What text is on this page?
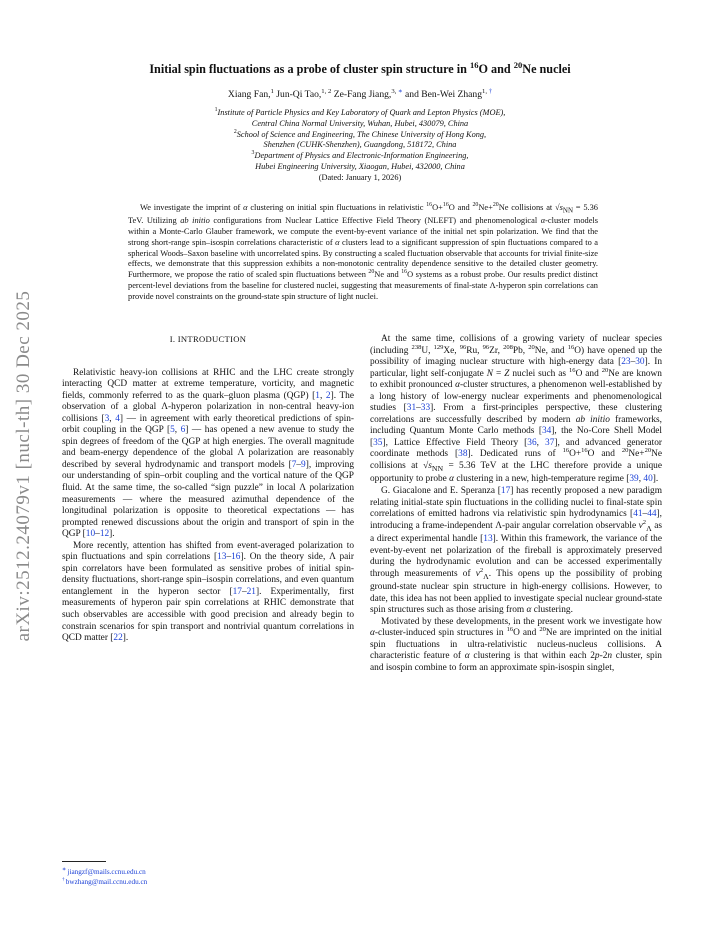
arXiv:2512.24079v1 [nucl-th] 30 Dec 2025
Initial spin fluctuations as a probe of cluster spin structure in $^{16}$O and $^{20}$Ne nuclei
Xiang Fan,$^1$ Jun-Qi Tao,$^{1, 2}$ Ze-Fang Jiang,$^{3, ∗}$ and Ben-Wei Zhang$^{1, \dagger}$
$^1$Institute of Particle Physics and Key Laboratory of Quark and Lepton Physics (MOE),
Central China Normal University, Wuhan, Hubei, 430079, China
$^2$School of Science and Engineering, The Chinese University of Hong Kong,
Shenzhen (CUHK-Shenzhen), Guangdong, 518172, China
$^3$Department of Physics and Electronic-Information Engineering,
Hubei Engineering University, Xiaogan, Hubei, 432000, China
(Dated: January 1, 2026)

We investigate the imprint of α clustering on initial spin fluctuations in relativistic $^{16}$O+$^{16}$O and $^{20}$Ne+$^{20}$Ne collisions at $√s_{NN} = 5.36$ TeV. Utilizing ab initio configurations from Nuclear Lattice Effective Field Theory (NLEFT) and phenomenological α-cluster models within a Monte-Carlo Glauber framework, we compute the event-by-event variance of the initial net spin polarization. We find that the strong short-range spin–isospin correlations characteristic of α clusters lead to a significant suppression of spin fluctuations compared to a spherical Woods–Saxon baseline with uncorrelated spins. By constructing a scaled fluctuation observable that accounts for trivial finite-size effects, we demonstrate that this suppression exhibits a non-monotonic centrality dependence sensitive to the detailed cluster geometry. Furthermore, we propose the ratio of scaled spin fluctuations between $^{20}$Ne and $^{16}$O systems as a robust probe. Our results predict distinct percent-level deviations from the baseline for clustered nuclei, suggesting that measurements of final-state Λ-hyperon spin correlations can provide novel constraints on the ground-state spin structure of light nuclei.

I. INTRODUCTION

Relativistic heavy-ion collisions at RHIC and the LHC create strongly interacting QCD matter at extreme temperature, vorticity, and magnetic fields, commonly referred to as the quark–gluon plasma (QGP) [1, 2]. The observation of a global Λ-hyperon polarization in non-central heavy-ion collisions [3, 4] — in agreement with early theoretical predictions of spin-orbit coupling in the QGP [5, 6] — has opened a new avenue to study the spin degrees of freedom of the QGP at high energies. The overall magnitude and beam-energy dependence of the global Λ polarization are reasonably described by several hydrodynamic and transport models [7–9], improving our understanding of spin–orbit coupling and the vortical nature of the QGP fluid. At the same time, the so-called “sign puzzle” in local Λ polarization measurements — where the measured azimuthal dependence of the longitudinal polarization is opposite to theoretical expectations — has prompted renewed discussions about the origin and transport of spin in the QGP [10–12].

More recently, attention has shifted from event-averaged polarization to spin fluctuations and spin correlations [13–16]. On the theory side, Λ pair spin correlators have been formulated as sensitive probes of initial spin-density fluctuations, short-range spin–isospin correlations, and even quantum entanglement in the hyperon sector [17–21]. Experimentally, first measurements of hyperon pair spin correlations at RHIC demonstrate that such observables are accessible with good precision and already begin to constrain scenarios for spin transport and nontrivial quantum correlations in QCD matter [22].

At the same time, collisions of a growing variety of nuclear species (including $^{238}$U, $^{129}$Xe, $^{96}$Ru, $^{96}$Zr, $^{208}$Pb, $^{20}$Ne, and $^{16}$O) have opened up the possibility of imaging nuclear structure with high-energy data [23–30]. In particular, light self-conjugate N = Z nuclei such as $^{16}$O and $^{20}$Ne are known to exhibit pronounced α-cluster structures, a phenomenon well-established by a long history of low-energy nuclear experiments and phenomenological studies [31–33]. From a first-principles perspective, these clustering correlations are successfully described by modern ab initio frameworks, including Quantum Monte Carlo methods [34], the No-Core Shell Model [35], Lattice Effective Field Theory [36, 37], and advanced generator coordinate methods [38]. Dedicated runs of $^{16}$O+$^{16}$O and $^{20}$Ne+$^{20}$Ne collisions at $√s_{NN} = 5.36$ TeV at the LHC therefore provide a unique opportunity to probe α clustering in a new, high-temperature regime [39, 40].

G. Giacalone and E. Speranza [17] has recently proposed a new paradigm relating initial-state spin fluctuations in the colliding nuclei to final-state spin correlations of emitted hadrons via relativistic spin hydrodynamics [41–44], introducing a frame-independent Λ-pair angular correlation observable $v^2_\Lambda$ as a direct experimental handle [13]. Within this framework, the variance of the event-by-event net polarization of the fireball is approximately preserved during the hydrodynamic evolution and can be accessed experimentally through measurements of $v^2_\Lambda$. This opens up the possibility of probing ground-state nuclear spin structure in high-energy collisions. However, to date, this idea has not been applied to investigate special nuclear ground-state spin structures such as those arising from α clustering.

Motivated by these developments, in the present work we investigate how α-cluster-induced spin structures in $^{16}$O and $^{20}$Ne are imprinted on the initial spin fluctuations in ultra-relativistic nucleus-nucleus collisions. A characteristic feature of α clustering is that within each 2p-2n cluster, spin and isospin combine to form an approximate spin-isospin singlet,

∗ jiangzf@mails.ccnu.edu.cn
† bwzhang@mail.ccnu.edu.cn
